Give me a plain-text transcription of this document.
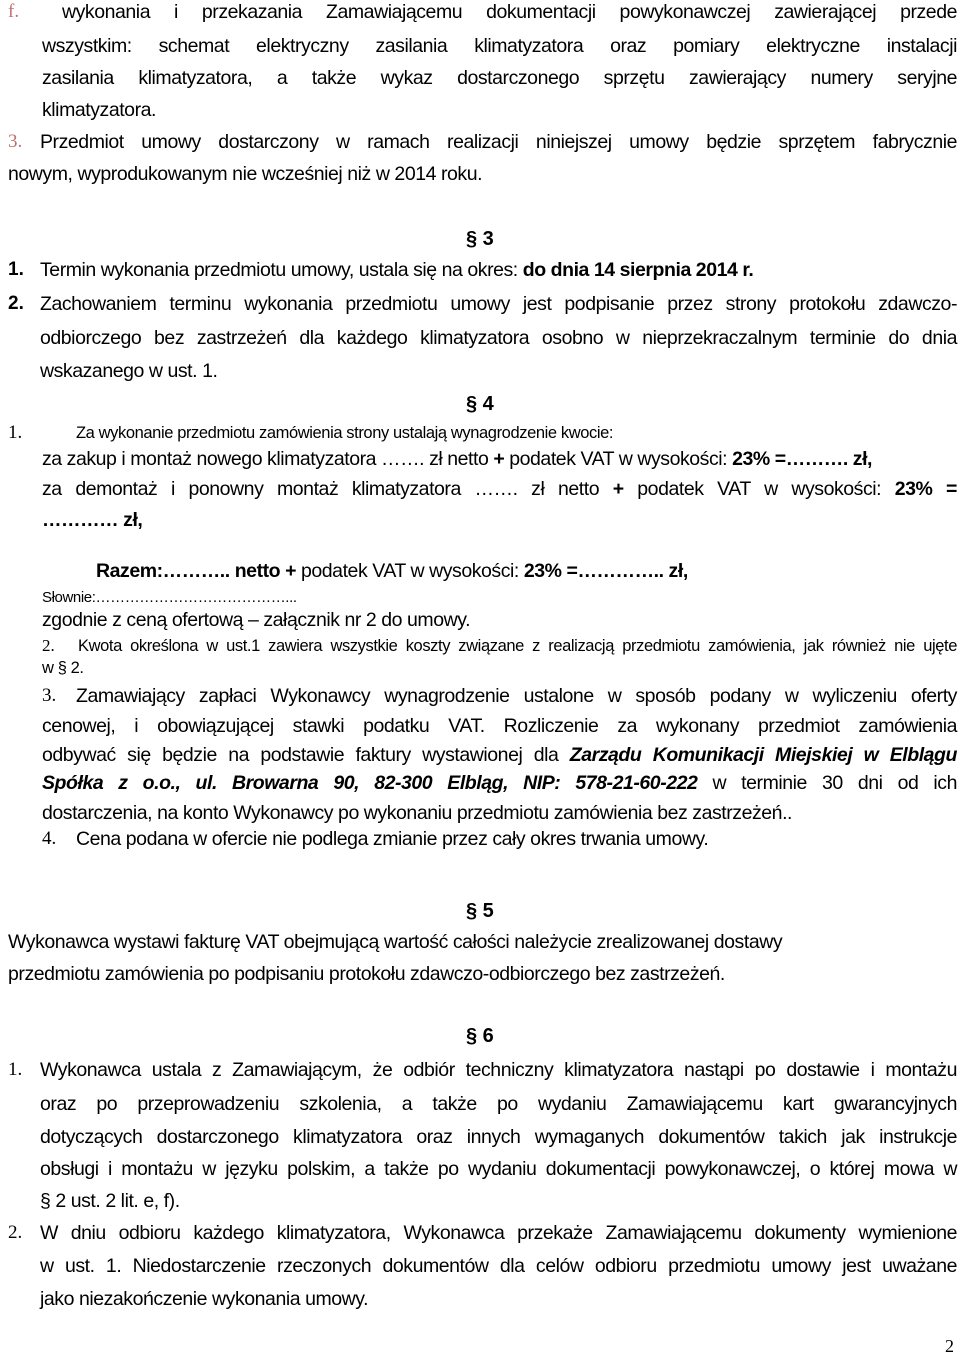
f. wykonania i przekazania Zamawiającemu dokumentacji powykonawczej zawierającej przede
wszystkim: schemat elektryczny zasilania klimatyzatora oraz pomiary elektryczne instalacji
zasilania klimatyzatora, a także wykaz dostarczonego sprzętu zawierający numery seryjne
klimatyzatora.
3. Przedmiot umowy dostarczony w ramach realizacji niniejszej umowy będzie sprzętem fabrycznie
nowym, wyprodukowanym nie wcześniej niż w 2014 roku.
§ 3
1. Termin wykonania przedmiotu umowy, ustala się na okres: do dnia 14 sierpnia 2014 r.
2. Zachowaniem terminu wykonania przedmiotu umowy jest podpisanie przez strony protokołu zdawczo-
odbiorczego bez zastrzeżeń dla każdego klimatyzatora osobno w nieprzekraczalnym terminie do dnia
wskazanego w ust. 1.
§ 4
1.	Za wykonanie przedmiotu zamówienia strony ustalają wynagrodzenie kwocie:
za zakup i montaż nowego klimatyzatora ……. zł netto + podatek VAT w wysokości: 23% =………. zł,
za demontaż i ponowny montaż klimatyzatora ……. zł netto + podatek VAT w wysokości: 23% =
………… zł,
Razem:……….. netto + podatek VAT w wysokości: 23% =………….. zł,
Słownie:…………………………………...
zgodnie z ceną ofertową – załącznik nr 2 do umowy.
2. Kwota określona w ust.1 zawiera wszystkie koszty związane z realizacją przedmiotu zamówienia, jak również nie ujęte
w § 2.
3. Zamawiający zapłaci Wykonawcy wynagrodzenie ustalone w sposób podany w wyliczeniu oferty
cenowej, i obowiązującej stawki podatku VAT. Rozliczenie za wykonany przedmiot zamówienia
odbywać się będzie na podstawie faktury wystawionej dla Zarządu Komunikacji Miejskiej w Elblągu
Spółka z o.o., ul. Browarna 90, 82-300 Elbląg, NIP: 578-21-60-222 w terminie 30 dni od ich
dostarczenia, na konto Wykonawcy po wykonaniu przedmiotu zamówienia bez zastrzeżeń..
4. Cena podana w ofercie nie podlega zmianie przez cały okres trwania umowy.
§ 5
Wykonawca wystawi fakturę VAT obejmującą wartość całości należycie zrealizowanej dostawy
przedmiotu zamówienia po podpisaniu protokołu zdawczo-odbiorczego bez zastrzeżeń.
§ 6
1. Wykonawca ustala z Zamawiającym, że odbiór techniczny klimatyzatora nastąpi po dostawie i montażu
oraz po przeprowadzeniu szkolenia, a także po wydaniu Zamawiającemu kart gwarancyjnych
dotyczących dostarczonego klimatyzatora oraz innych wymaganych dokumentów takich jak instrukcje
obsługi i montażu w języku polskim, a także po wydaniu dokumentacji powykonawczej, o której mowa w
§ 2 ust. 2 lit. e, f).
2. W dniu odbioru każdego klimatyzatora, Wykonawca przekaże Zamawiającemu dokumenty wymienione
w ust. 1. Niedostarczenie rzeczonych dokumentów dla celów odbioru przedmiotu umowy jest uważane
jako niezakończenie wykonania umowy.
2
